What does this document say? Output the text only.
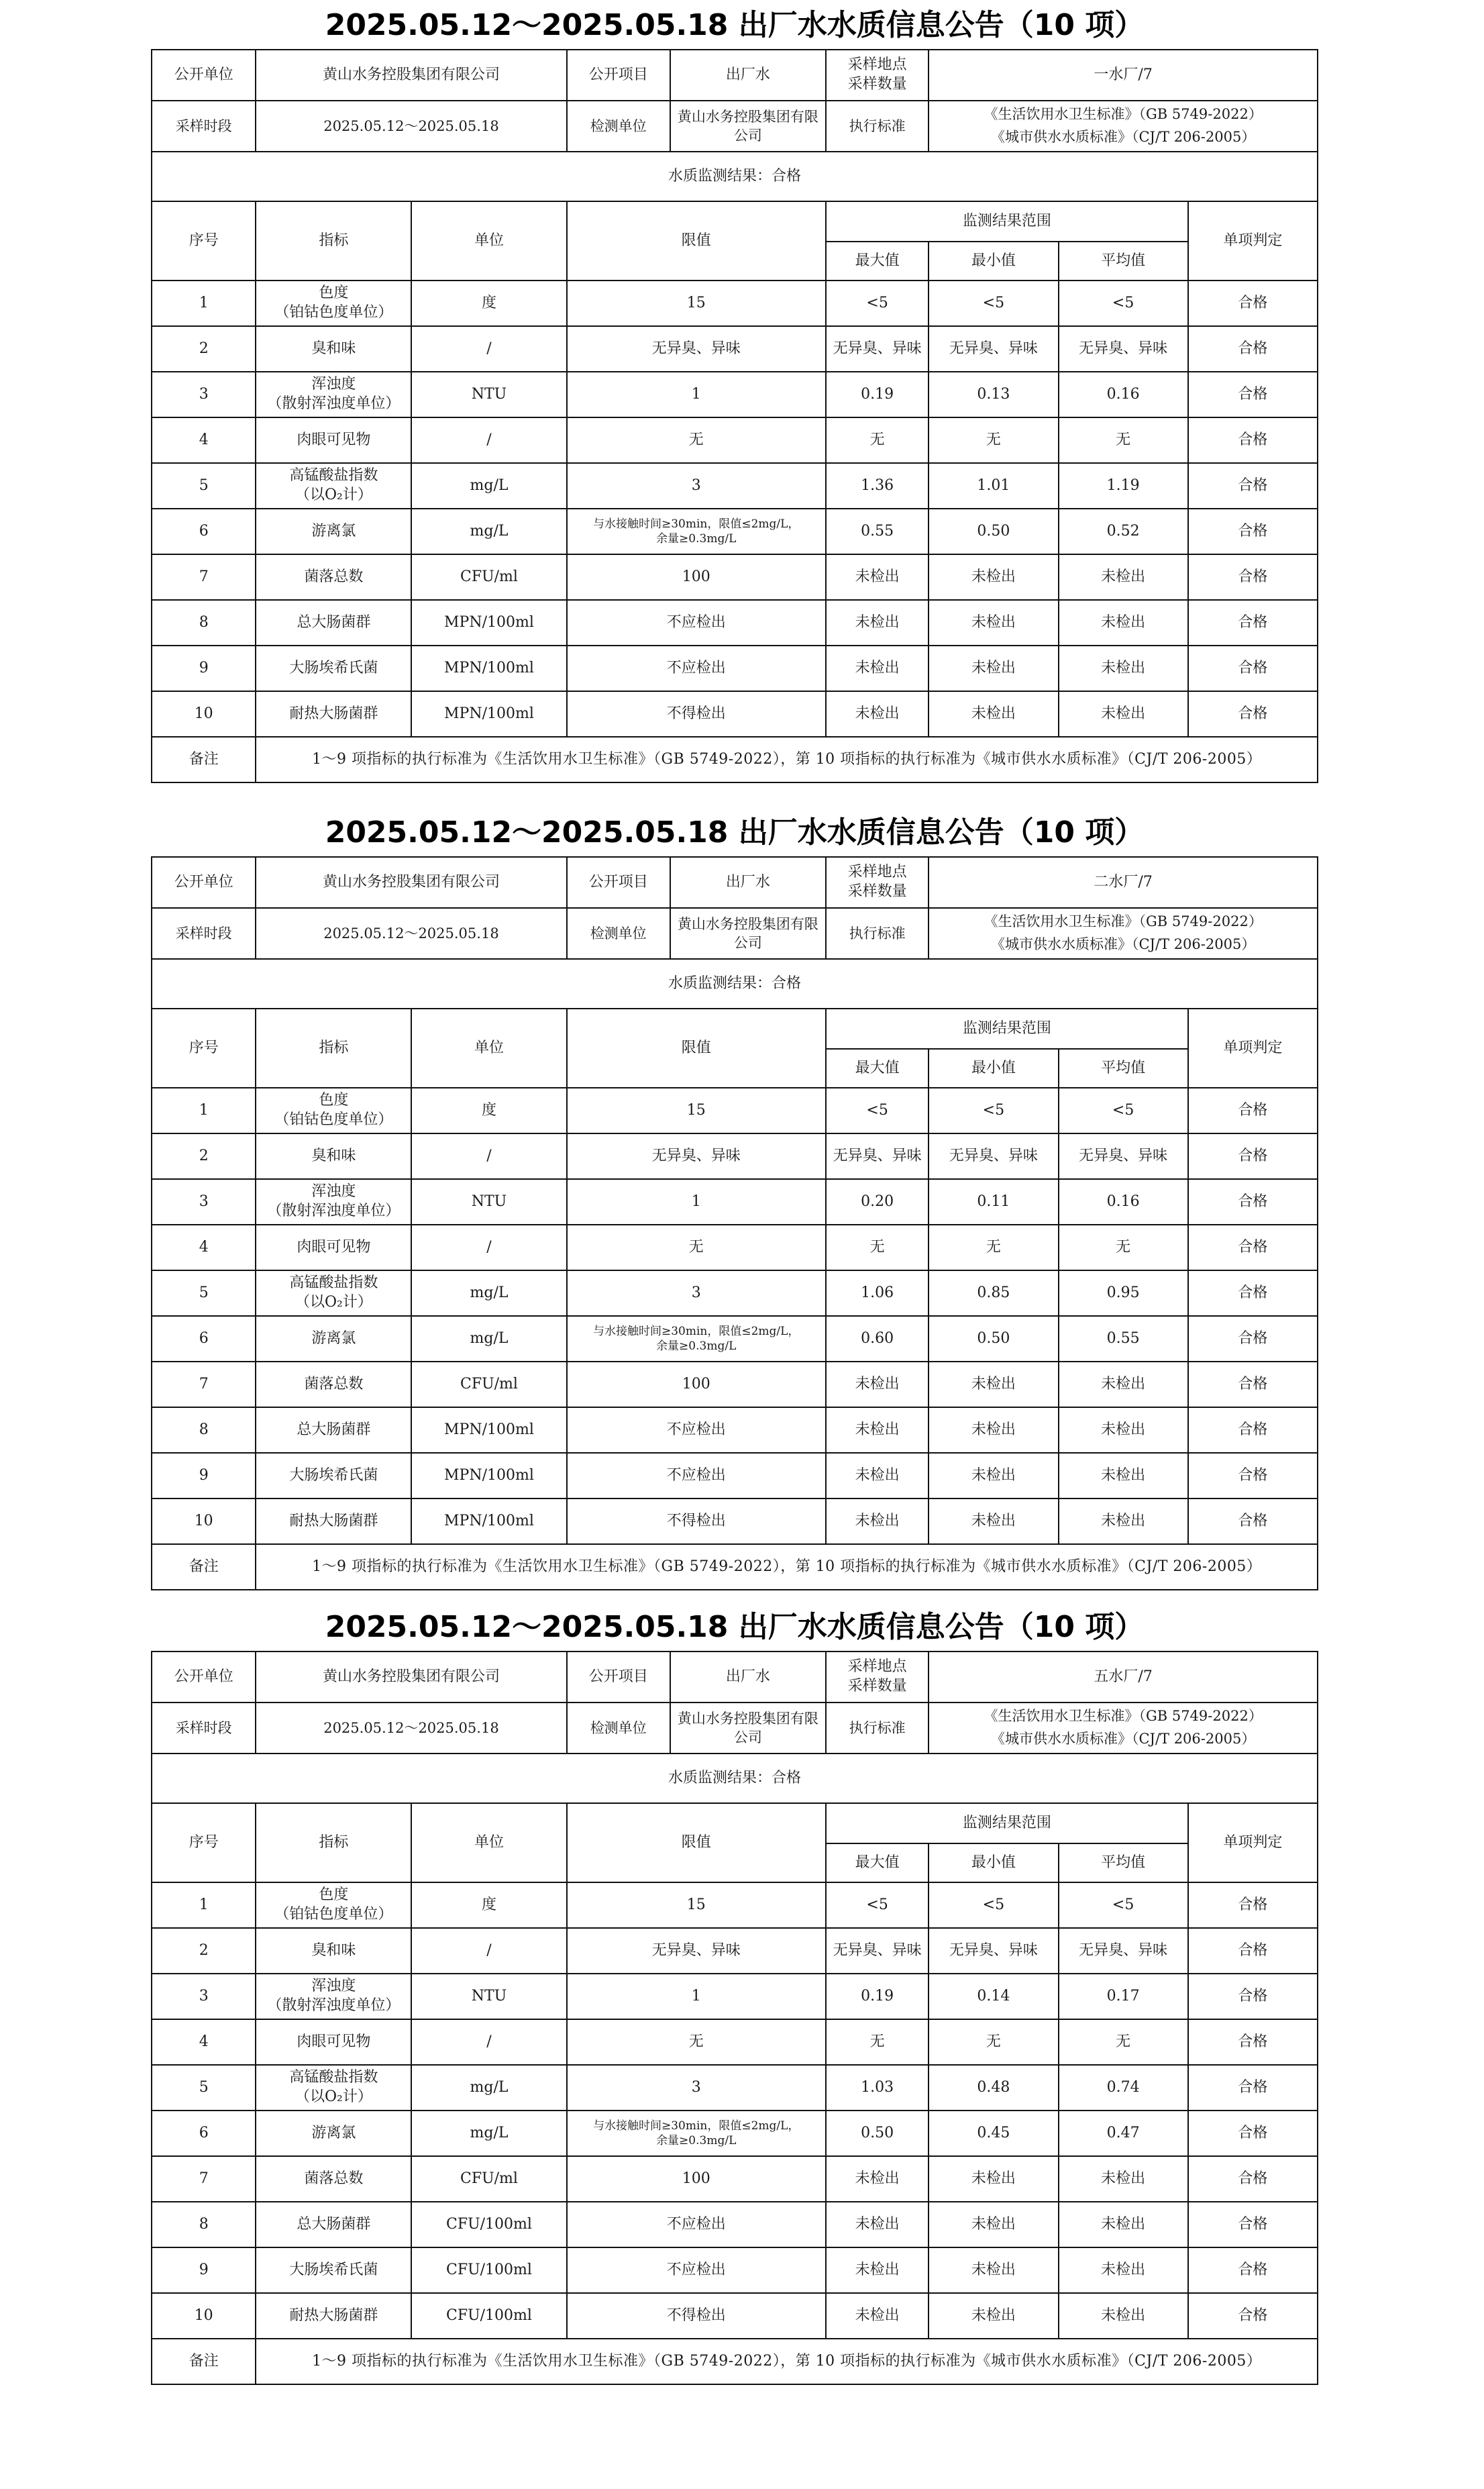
2025.05.12～2025.05.18 出厂水水质信息公告（10 项）
公开单位	黄山水务控股集团有限公司		公开项目	出厂水	采样地点
采样数量	一水厂/7		
采样时段	2025.05.12～2025.05.18		检测单位	黄山水务控股集团有限公司	执行标准	《生活饮用水卫生标准》（GB 5749-2022）
《城市供水水质标准》（CJ/T 206-2005）		

水质监测结果：合格								
序号	指标	单位	限值		监测结果范围			单项判定
					最大值	最小值	平均值	
1	色度
（铂钴色度单位）	度	15		<5	<5	<5	合格
2	臭和味	/	无异臭、异味		无异臭、异味	无异臭、异味	无异臭、异味	合格
3	浑浊度
（散射浑浊度单位）	NTU	1		0.19	0.13	0.16	合格
4	肉眼可见物	/	无		无	无	无	合格
5	高锰酸盐指数
（以O₂计）	mg/L	3		1.36	1.01	1.19	合格
6	游离氯	mg/L	与水接触时间≥30min，限值≤2mg/L，
余量≥0.3mg/L		0.55	0.50	0.52	合格
7	菌落总数	CFU/ml	100		未检出	未检出	未检出	合格
8	总大肠菌群	MPN/100ml	不应检出		未检出	未检出	未检出	合格
9	大肠埃希氏菌	MPN/100ml	不应检出		未检出	未检出	未检出	合格
10	耐热大肠菌群	MPN/100ml	不得检出		未检出	未检出	未检出	合格
备注	1～9 项指标的执行标准为《生活饮用水卫生标准》（GB 5749-2022），第 10 项指标的执行标准为《城市供水水质标准》（CJ/T 206-2005）							
2025.05.12～2025.05.18 出厂水水质信息公告（10 项）
公开单位	黄山水务控股集团有限公司		公开项目	出厂水	采样地点
采样数量	二水厂/7		
采样时段	2025.05.12～2025.05.18		检测单位	黄山水务控股集团有限公司	执行标准	《生活饮用水卫生标准》（GB 5749-2022）
《城市供水水质标准》（CJ/T 206-2005）		

水质监测结果：合格								
序号	指标	单位	限值		监测结果范围			单项判定
					最大值	最小值	平均值	
1	色度
（铂钴色度单位）	度	15		<5	<5	<5	合格
2	臭和味	/	无异臭、异味		无异臭、异味	无异臭、异味	无异臭、异味	合格
3	浑浊度
（散射浑浊度单位）	NTU	1		0.20	0.11	0.16	合格
4	肉眼可见物	/	无		无	无	无	合格
5	高锰酸盐指数
（以O₂计）	mg/L	3		1.06	0.85	0.95	合格
6	游离氯	mg/L	与水接触时间≥30min，限值≤2mg/L，
余量≥0.3mg/L		0.60	0.50	0.55	合格
7	菌落总数	CFU/ml	100		未检出	未检出	未检出	合格
8	总大肠菌群	MPN/100ml	不应检出		未检出	未检出	未检出	合格
9	大肠埃希氏菌	MPN/100ml	不应检出		未检出	未检出	未检出	合格
10	耐热大肠菌群	MPN/100ml	不得检出		未检出	未检出	未检出	合格
备注	1～9 项指标的执行标准为《生活饮用水卫生标准》（GB 5749-2022），第 10 项指标的执行标准为《城市供水水质标准》（CJ/T 206-2005）							
2025.05.12～2025.05.18 出厂水水质信息公告（10 项）
公开单位	黄山水务控股集团有限公司		公开项目	出厂水	采样地点
采样数量	五水厂/7		
采样时段	2025.05.12～2025.05.18		检测单位	黄山水务控股集团有限公司	执行标准	《生活饮用水卫生标准》（GB 5749-2022）
《城市供水水质标准》（CJ/T 206-2005）		

水质监测结果：合格								
序号	指标	单位	限值		监测结果范围			单项判定
					最大值	最小值	平均值	
1	色度
（铂钴色度单位）	度	15		<5	<5	<5	合格
2	臭和味	/	无异臭、异味		无异臭、异味	无异臭、异味	无异臭、异味	合格
3	浑浊度
（散射浑浊度单位）	NTU	1		0.19	0.14	0.17	合格
4	肉眼可见物	/	无		无	无	无	合格
5	高锰酸盐指数
（以O₂计）	mg/L	3		1.03	0.48	0.74	合格
6	游离氯	mg/L	与水接触时间≥30min，限值≤2mg/L，
余量≥0.3mg/L		0.50	0.45	0.47	合格
7	菌落总数	CFU/ml	100		未检出	未检出	未检出	合格
8	总大肠菌群	CFU/100ml	不应检出		未检出	未检出	未检出	合格
9	大肠埃希氏菌	CFU/100ml	不应检出		未检出	未检出	未检出	合格
10	耐热大肠菌群	CFU/100ml	不得检出		未检出	未检出	未检出	合格
备注	1～9 项指标的执行标准为《生活饮用水卫生标准》（GB 5749-2022），第 10 项指标的执行标准为《城市供水水质标准》（CJ/T 206-2005）							
